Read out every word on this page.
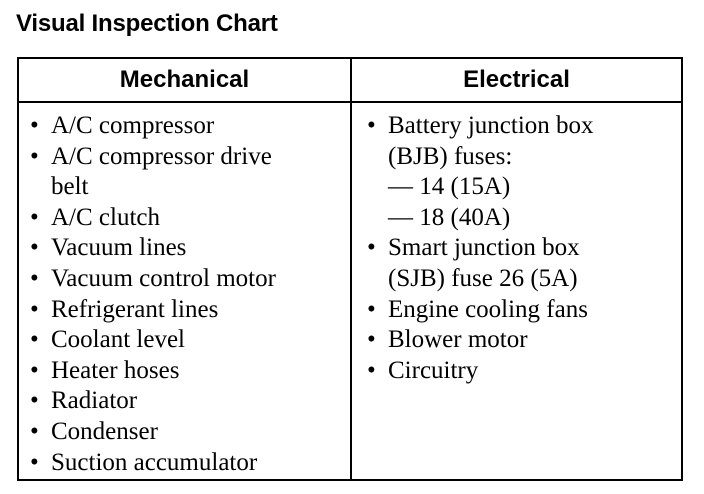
Visual Inspection Chart
Mechanical	Electrical
• A/C compressor
• A/C compressor drive
belt
• A/C clutch
• Vacuum lines
• Vacuum control motor
• Refrigerant lines
• Coolant level
• Heater hoses
• Radiator
• Condenser
• Suction accumulator
• Battery junction box
(BJB) fuses:
— 14 (15A)
— 18 (40A)
• Smart junction box
(SJB) fuse 26 (5A)
• Engine cooling fans
• Blower motor
• Circuitry
